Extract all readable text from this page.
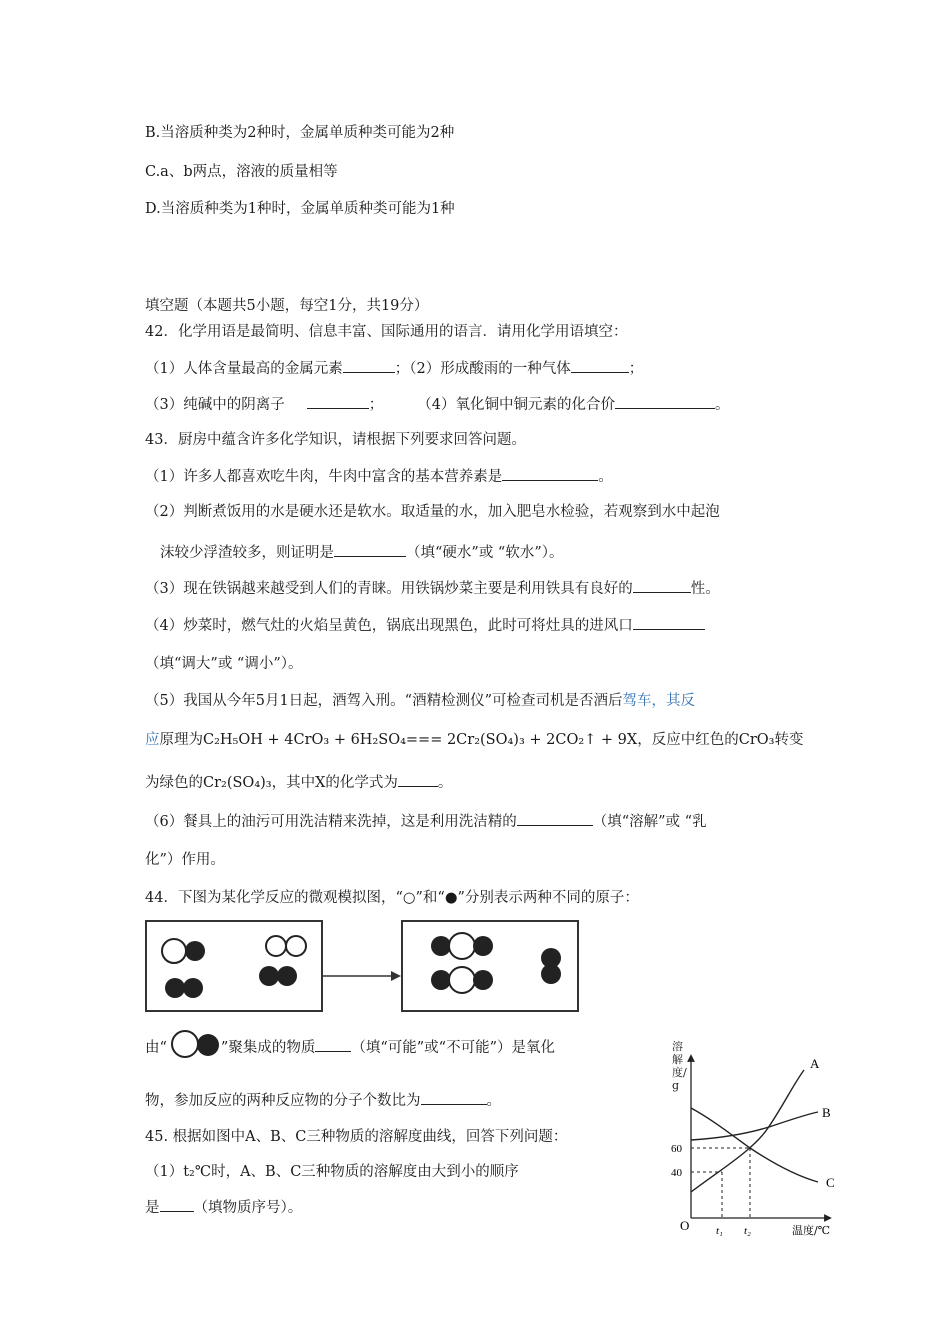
B.当溶质种类为2种时，金属单质种类可能为2种
C.a、b两点，溶液的质量相等
D.当溶质种类为1种时，金属单质种类可能为1种
填空题（本题共5小题，每空1分，共19分）
42．化学用语是最简明、信息丰富、国际通用的语言．请用化学用语填空：
（1）人体含量最高的金属元素	；（2）形成酸雨的一种气体	；
（3）纯碱中的阴离子	； （4）氧化铜中铜元素的化合价	。
43．厨房中蕴含许多化学知识，请根据下列要求回答问题。
（1）许多人都喜欢吃牛肉，牛肉中富含的基本营养素是	。
（2）判断煮饭用的水是硬水还是软水。取适量的水，加入肥皂水检验，若观察到水中起泡
沫较少浮渣较多，则证明是	（填“硬水”或 “软水”）。
（3）现在铁锅越来越受到人们的青睐。用铁锅炒菜主要是利用铁具有良好的	性。
（4）炒菜时，燃气灶的火焰呈黄色，锅底出现黑色，此时可将灶具的进风口
（填“调大”或 “调小”）。
（5）我国从今年5月1日起，酒驾入刑。“酒精检测仪”可检查司机是否酒后驾车，其反
应原理为C₂H₅OH + 4CrO₃ + 6H₂SO₄=== 2Cr₂(SO₄)₃ + 2CO₂↑ + 9X，反应中红色的CrO₃转变
为绿色的Cr₂(SO₄)₃，其中X的化学式为	。
（6）餐具上的油污可用洗洁精来洗掉，这是利用洗洁精的	（填“溶解”或 “乳
化”）作用。
44．下图为某化学反应的微观模拟图，“○”和“●”分别表示两种不同的原子：
由“	”聚集成的物质 （填“可能”或“不可能”）是氧化
物，参加反应的两种反应物的分子个数比为	。
45. 根据如图中A、B、C三种物质的溶解度曲线，回答下列问题：
（1）t₂℃时，A、B、C三种物质的溶解度由大到小的顺序
是 （填物质序号）。
A
B
C
60
40
t₁ t₂
O	温度/℃
溶解度/g
